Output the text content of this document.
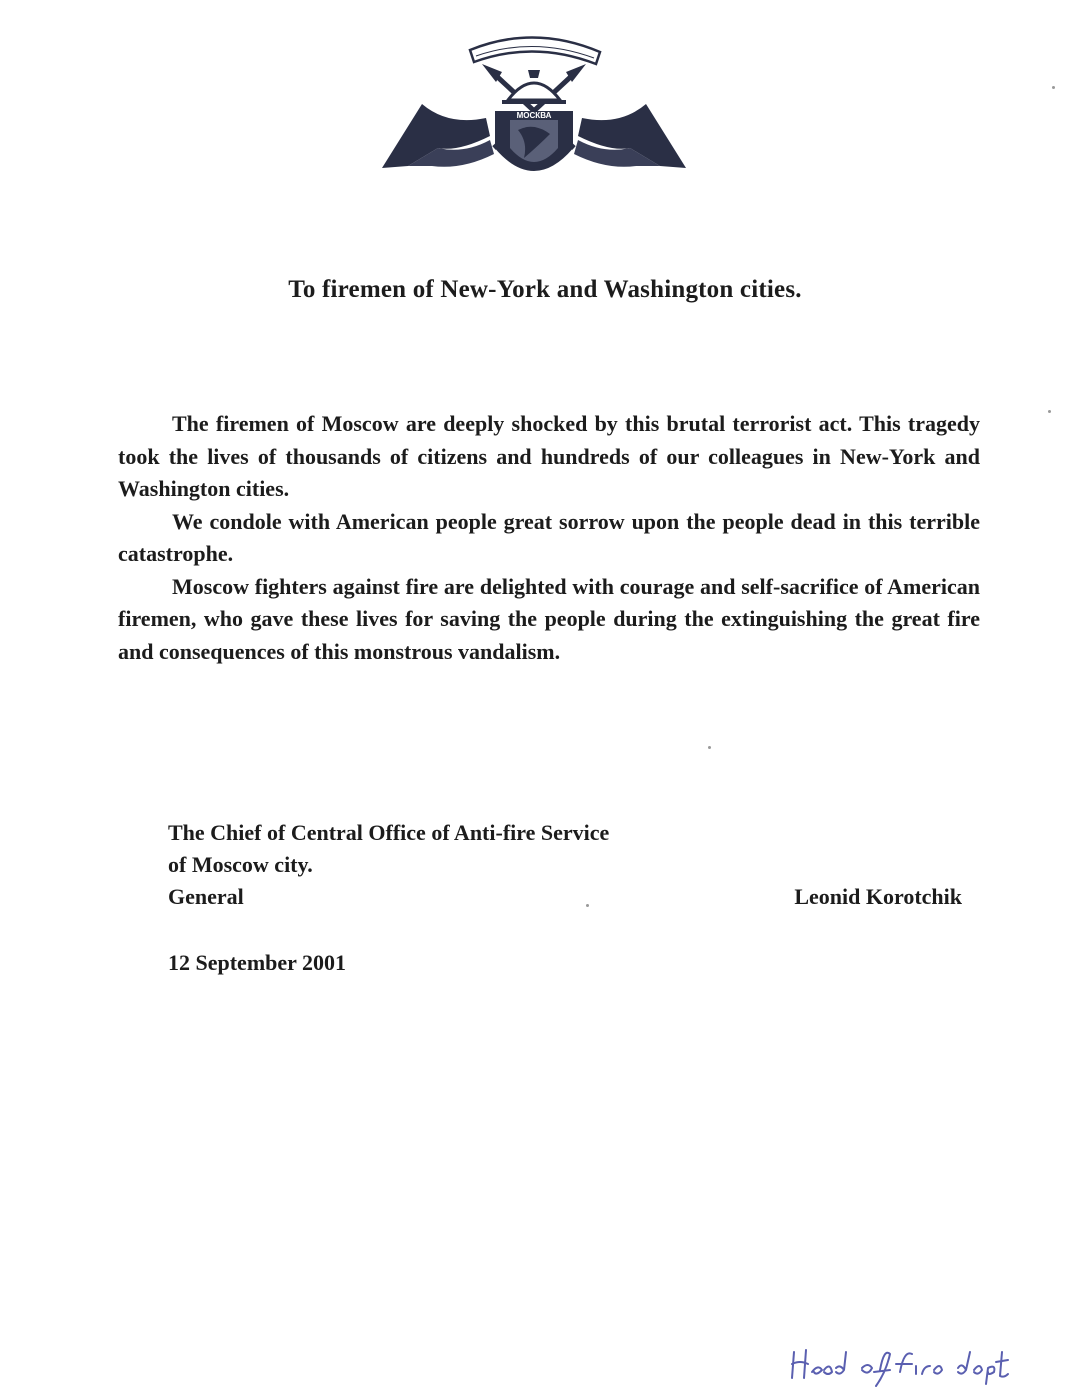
МОСКВА
To firemen of New-York and Washington cities.

The firemen of Moscow are deeply shocked by this brutal terrorist act. This tragedy took the lives of thousands of citizens and hundreds of our colleagues in New-York and Washington cities.

We condole with American people great sorrow upon the people dead in this terrible catastrophe.

Moscow fighters against fire are delighted with courage and self-sacrifice of American firemen, who gave these lives for saving the people during the extinguishing the great fire and consequences of this monstrous vandalism.

The Chief of Central Office of Anti-fire Service
of Moscow city.
General	Leonid Korotchik
12 September 2001
